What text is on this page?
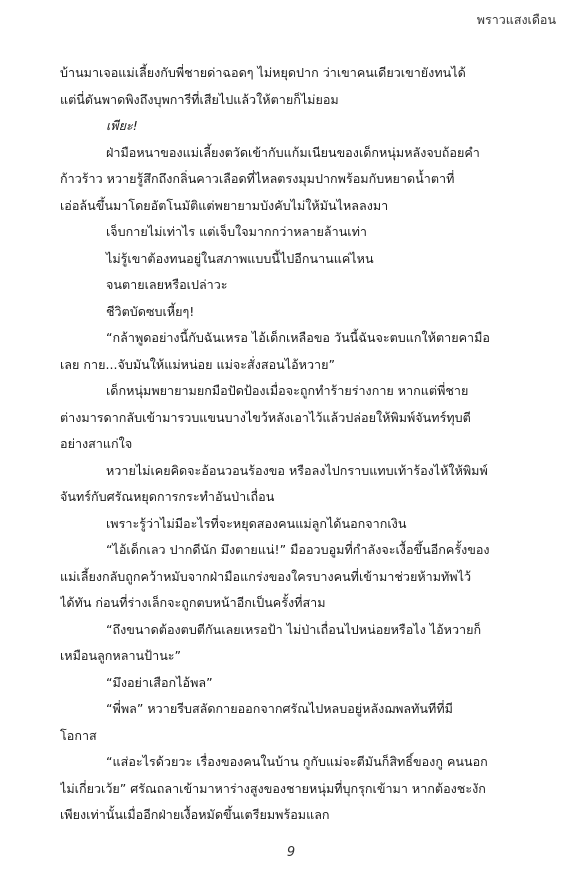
พราวแสงเดือน

บ้านมาเจอแม่เลี้ยงกับพี่ชายด่าฉอดๆ ไม่หยุดปาก ว่าเขาคนเดียวเขายังทนได้

แต่นี่ดันพาดพิงถึงบุพการีที่เสียไปแล้วให้ตายก็ไม่ยอม

เพียะ!

ฝ่ามือหนาของแม่เลี้ยงตวัดเข้ากับแก้มเนียนของเด็กหนุ่มหลังจบถ้อยคำ

ก้าวร้าว หวายรู้สึกถึงกลิ่นคาวเลือดที่ไหลตรงมุมปากพร้อมกับหยาดน้ำตาที่

เอ่อล้นขึ้นมาโดยอัตโนมัติแต่พยายามบังคับไม่ให้มันไหลลงมา

เจ็บกายไม่เท่าไร แต่เจ็บใจมากกว่าหลายล้านเท่า

ไม่รู้เขาต้องทนอยู่ในสภาพแบบนี้ไปอีกนานแค่ไหน

จนตายเลยหรือเปล่าวะ

ชีวิตบัดซบเหี้ยๆ!

“กล้าพูดอย่างนี้กับฉันเหรอ ไอ้เด็กเหลือขอ วันนี้ฉันจะตบแกให้ตายคามือ

เลย กาย...จับมันให้แม่หน่อย แม่จะสั่งสอนไอ้หวาย”

เด็กหนุ่มพยายามยกมือปัดป้องเมื่อจะถูกทำร้ายร่างกาย หากแต่พี่ชาย

ต่างมารดากลับเข้ามารวบแขนบางไขว้หลังเอาไว้แล้วปล่อยให้พิมพ์จันทร์ทุบตี

อย่างสาแก่ใจ

หวายไม่เคยคิดจะอ้อนวอนร้องขอ หรือลงไปกราบแทบเท้าร้องไห้ให้พิมพ์

จันทร์กับศรัณหยุดการกระทำอันป่าเถื่อน

เพราะรู้ว่าไม่มีอะไรที่จะหยุดสองคนแม่ลูกได้นอกจากเงิน

“ไอ้เด็กเลว ปากดีนัก มึงตายแน่!” มืออวบอูมที่กำลังจะเงื้อขึ้นอีกครั้งของ

แม่เลี้ยงกลับถูกคว้าหมับจากฝ่ามือแกร่งของใครบางคนที่เข้ามาช่วยห้ามทัพไว้

ได้ทัน ก่อนที่ร่างเล็กจะถูกตบหน้าอีกเป็นครั้งที่สาม

“ถึงขนาดต้องตบตีกันเลยเหรอป้า ไม่ป่าเถื่อนไปหน่อยหรือไง ไอ้หวายก็

เหมือนลูกหลานป้านะ”

“มึงอย่าเสือกไอ้พล”

“พี่พล” หวายรีบสลัดกายออกจากศรัณไปหลบอยู่หลังฌพลทันทีที่มี

โอกาส

“แส่อะไรด้วยวะ เรื่องของคนในบ้าน กูกับแม่จะตีมันก็สิทธิ์ของกู คนนอก

ไม่เกี่ยวเว้ย” ศรัณถลาเข้ามาหาร่างสูงของชายหนุ่มที่บุกรุกเข้ามา หากต้องชะงัก

เพียงเท่านั้นเมื่ออีกฝ่ายเงื้อหมัดขึ้นเตรียมพร้อมแลก

9
